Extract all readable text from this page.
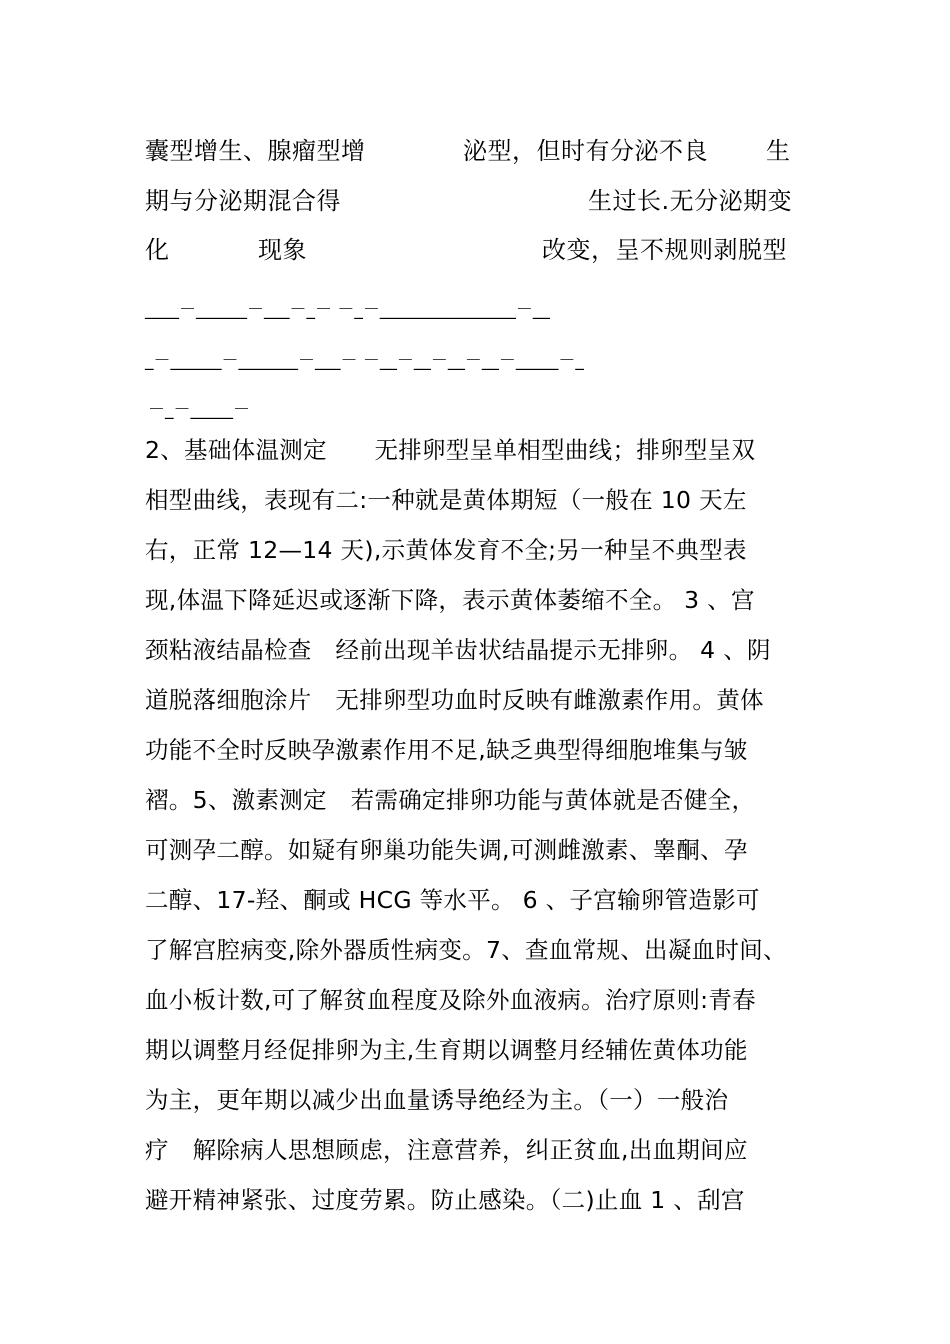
囊型增生、腺瘤型增	泌型，但时有分泌不良 生
期与分泌期混合得	生过长.无分泌期变
化	现象	改变，呈不规则剥脱型
____－______－___－_－ －_－________________－__
_－______－_______－___－ －__－__－__－__－_____－_
－_－_____－
2、基础体温测定　　无排卵型呈单相型曲线；排卵型呈双
相型曲线，表现有二:一种就是黄体期短（一般在 10 天左
右，正常 12—14 天),示黄体发育不全;另一种呈不典型表
现,体温下降延迟或逐渐下降，表示黄体萎缩不全。 3 、宫
颈粘液结晶检查　经前出现羊齿状结晶提示无排卵。 4 、阴
道脱落细胞涂片　无排卵型功血时反映有雌激素作用。黄体
功能不全时反映孕激素作用不足,缺乏典型得细胞堆集与皱
褶。5、激素测定　若需确定排卵功能与黄体就是否健全，
可测孕二醇。如疑有卵巢功能失调,可测雌激素、睾酮、孕
二醇、17-羟、酮或 HCG 等水平。 6 、子宫输卵管造影可
了解宫腔病变,除外器质性病变。7、查血常规、出凝血时间、
血小板计数,可了解贫血程度及除外血液病。治疗原则:青春
期以调整月经促排卵为主,生育期以调整月经辅佐黄体功能
为主，更年期以减少出血量诱导绝经为主。（一）一般治
疗　解除病人思想顾虑，注意营养，纠正贫血,出血期间应
避开精神紧张、过度劳累。防止感染。（二)止血 1 、刮宫
